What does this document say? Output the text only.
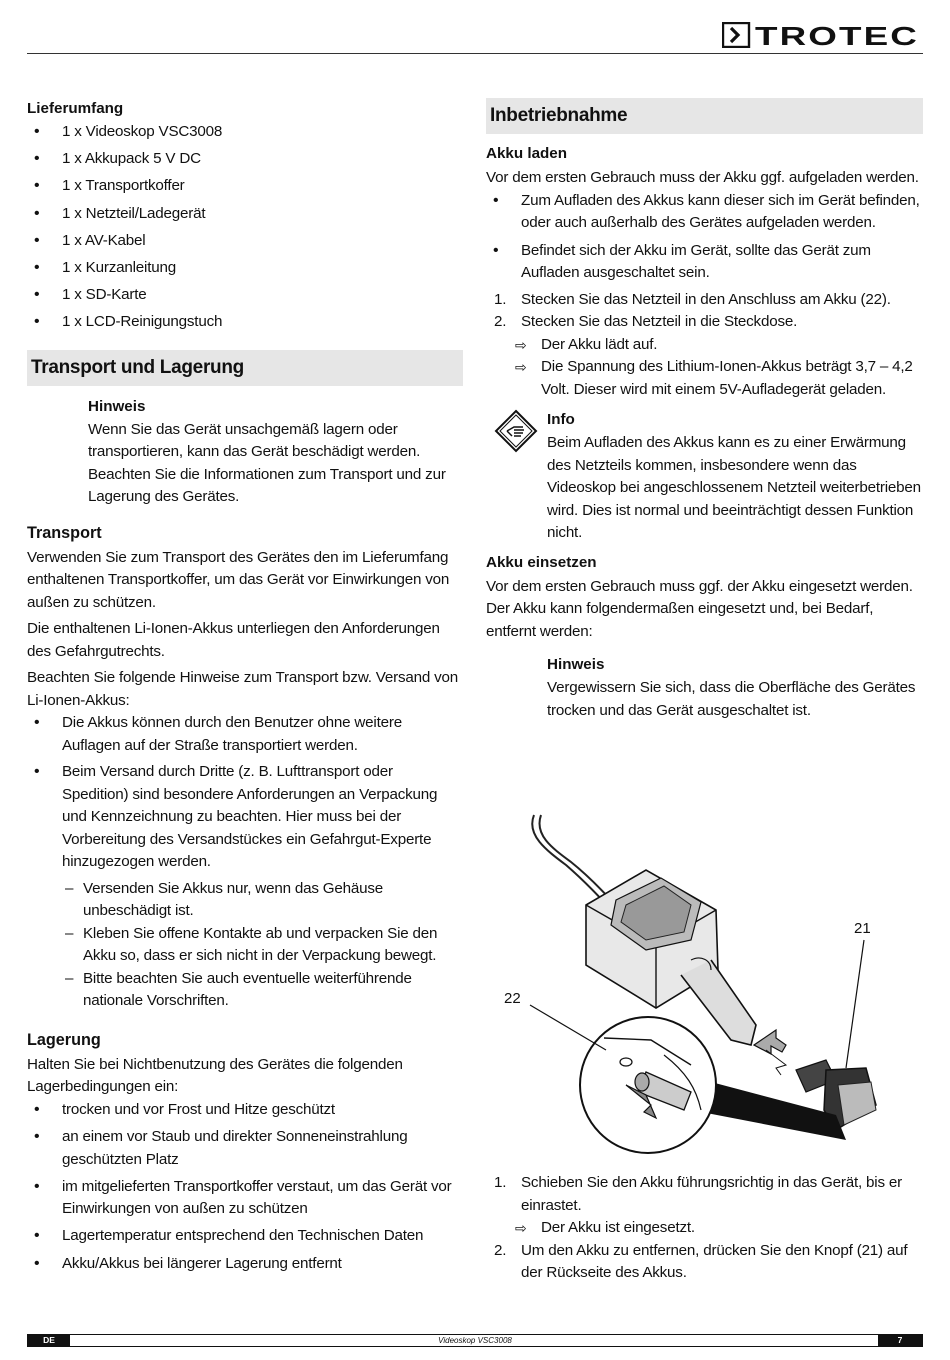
TROTEC

Lieferumfang

• 1 x Videoskop VSC3008
• 1 x Akkupack 5 V DC
• 1 x Transportkoffer
• 1 x Netzteil/Ladegerät
• 1 x AV-Kabel
• 1 x Kurzanleitung
• 1 x SD-Karte
• 1 x LCD-Reinigungstuch
Transport und Lagerung

Hinweis

Wenn Sie das Gerät unsachgemäß lagern oder transportieren, kann das Gerät beschädigt werden. Beachten Sie die Informationen zum Transport und zur Lagerung des Gerätes.

Transport

Verwenden Sie zum Transport des Gerätes den im Lieferumfang enthaltenen Transportkoffer, um das Gerät vor Einwirkungen von außen zu schützen.

Die enthaltenen Li-Ionen-Akkus unterliegen den Anforderungen des Gefahrgutrechts.

Beachten Sie folgende Hinweise zum Transport bzw. Versand von Li-Ionen-Akkus:

• Die Akkus können durch den Benutzer ohne weitere Auflagen auf der Straße transportiert werden.
• Beim Versand durch Dritte (z. B. Lufttransport oder Spedition) sind besondere Anforderungen an Verpackung und Kennzeichnung zu beachten. Hier muss bei der Vorbereitung des Versandstückes ein Gefahrgut-Experte hinzugezogen werden.
– Versenden Sie Akkus nur, wenn das Gehäuse unbeschädigt ist.
– Kleben Sie offene Kontakte ab und verpacken Sie den Akku so, dass er sich nicht in der Verpackung bewegt.
– Bitte beachten Sie auch eventuelle weiterführende nationale Vorschriften.

Lagerung

Halten Sie bei Nichtbenutzung des Gerätes die folgenden Lagerbedingungen ein:

• trocken und vor Frost und Hitze geschützt
• an einem vor Staub und direkter Sonneneinstrahlung geschützten Platz
• im mitgelieferten Transportkoffer verstaut, um das Gerät vor Einwirkungen von außen zu schützen
• Lagertemperatur entsprechend den Technischen Daten
• Akku/Akkus bei längerer Lagerung entfernt
Inbetriebnahme

Akku laden

Vor dem ersten Gebrauch muss der Akku ggf. aufgeladen werden.

• Zum Aufladen des Akkus kann dieser sich im Gerät befinden, oder auch außerhalb des Gerätes aufgeladen werden.
• Befindet sich der Akku im Gerät, sollte das Gerät zum Aufladen ausgeschaltet sein.
1. Stecken Sie das Netzteil in den Anschluss am Akku (22).
2. Stecken Sie das Netzteil in die Steckdose.
⇨ Der Akku lädt auf.
⇨ Die Spannung des Lithium-Ionen-Akkus beträgt 3,7 – 4,2 Volt. Dieser wird mit einem 5V-Aufladegerät geladen.

Info

Beim Aufladen des Akkus kann es zu einer Erwärmung des Netzteils kommen, insbesondere wenn das Videoskop bei angeschlossenem Netzteil weiterbetrieben wird. Dies ist normal und beeinträchtigt dessen Funktion nicht.

Akku einsetzen

Vor dem ersten Gebrauch muss ggf. der Akku eingesetzt werden. Der Akku kann folgendermaßen eingesetzt und, bei Bedarf, entfernt werden:

Hinweis

Vergewissern Sie sich, dass die Oberfläche des Gerätes trocken und das Gerät ausgeschaltet ist.

21
22
1. Schieben Sie den Akku führungsrichtig in das Gerät, bis er einrastet.
⇨ Der Akku ist eingesetzt.
2. Um den Akku zu entfernen, drücken Sie den Knopf (21) auf der Rückseite des Akkus.
Videoskop VSC3008
DE	7
